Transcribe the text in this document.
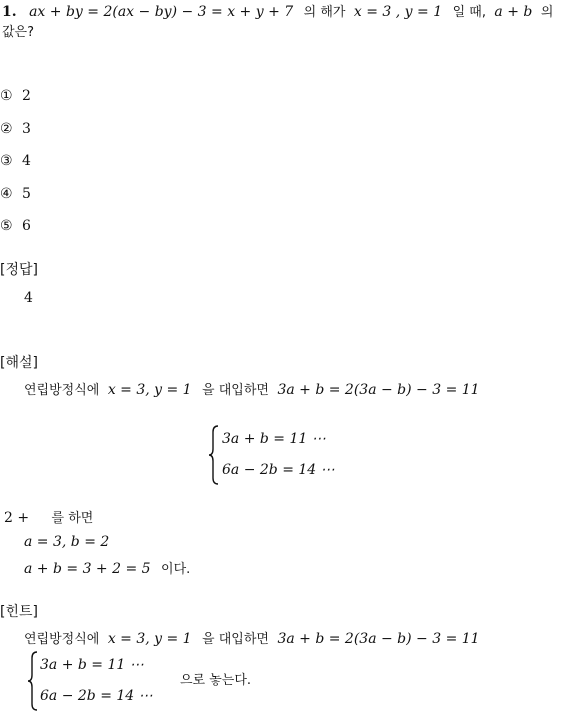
1. ax + by = 2(ax − by) − 3 = x + y + 7 의 해가 x = 3 , y = 1 일 때, a + b 의
값은?
① 2
② 3
③ 4
④ 5
⑤ 6
[정답]
4
[해설]
연립방정식에 x = 3, y = 1 을 대입하면 3a + b = 2(3a − b) − 3 = 11
3a + b = 11 ⋯
6a − 2b = 14 ⋯
2 + 를 하면
a = 3, b = 2
a + b = 3 + 2 = 5 이다.
[힌트]
연립방정식에 x = 3, y = 1 을 대입하면 3a + b = 2(3a − b) − 3 = 11
3a + b = 11 ⋯
6a − 2b = 14 ⋯
으로 놓는다.
